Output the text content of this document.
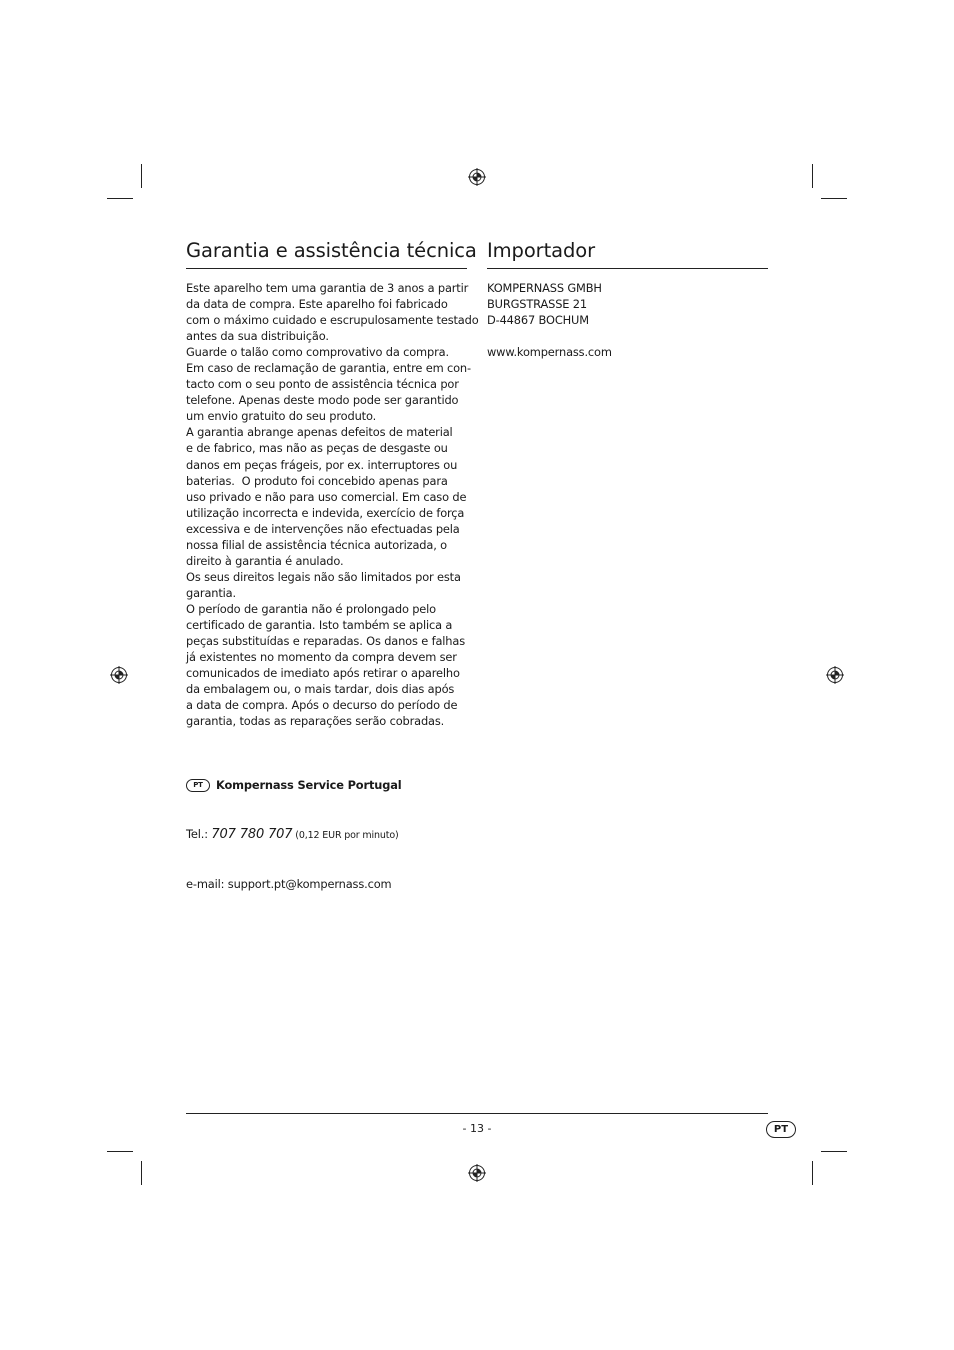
Garantia e assistência técnica
Este aparelho tem uma garantia de 3 anos a partir
da data de compra. Este aparelho foi fabricado
com o máximo cuidado e escrupulosamente testado
antes da sua distribuição.
Guarde o talão como comprovativo da compra.
Em caso de reclamação de garantia, entre em con-
tacto com o seu ponto de assistência técnica por
telefone. Apenas deste modo pode ser garantido
um envio gratuito do seu produto.
A garantia abrange apenas defeitos de material
e de fabrico, mas não as peças de desgaste ou
danos em peças frágeis, por ex. interruptores ou
baterias.  O produto foi concebido apenas para
uso privado e não para uso comercial. Em caso de
utilização incorrecta e indevida, exercício de força
excessiva e de intervenções não efectuadas pela
nossa filial de assistência técnica autorizada, o
direito à garantia é anulado.
Os seus direitos legais não são limitados por esta
garantia.
O período de garantia não é prolongado pelo
certificado de garantia. Isto também se aplica a
peças substituídas e reparadas. Os danos e falhas
já existentes no momento da compra devem ser
comunicados de imediato após retirar o aparelho
da embalagem ou, o mais tardar, dois dias após
a data de compra. Após o decurso do período de
garantia, todas as reparações serão cobradas.

PT	Kompernass Service Portugal

Tel.: 707 780 707 (0,12 EUR por minuto)

e-mail: support.pt@kompernass.com

Importador
KOMPERNASS GMBH
BURGSTRASSE 21
D-44867 BOCHUM
www.kompernass.com
- 13 -	PT
